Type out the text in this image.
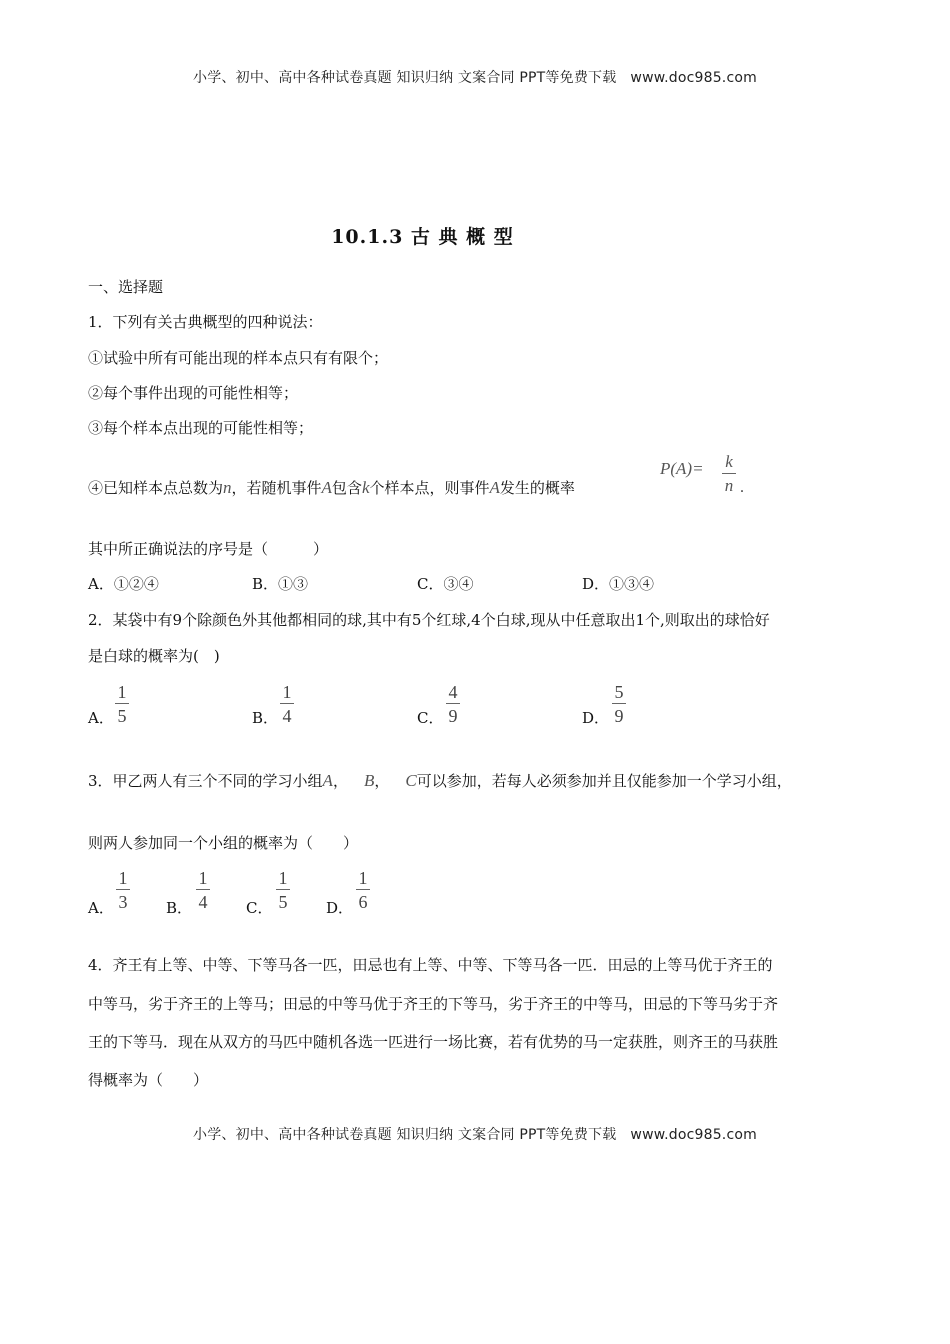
小学、初中、高中各种试卷真题 知识归纳 文案合同 PPT等免费下载 www.doc985.com
10.1.3 古 典 概 型
一、选择题
1．下列有关古典概型的四种说法：
①试验中所有可能出现的样本点只有有限个；
②每个事件出现的可能性相等；
③每个样本点出现的可能性相等；
④已知样本点总数为n，若随机事件A包含k个样本点，则事件A发生的概率
P(A)= k
n .
其中所正确说法的序号是（　　　）
A．①②④	B．①③	C．③④	D．①③④
2．某袋中有9个除颜色外其他都相同的球,其中有5个红球,4个白球,现从中任意取出1个,则取出的球恰好
是白球的概率为(　)
A．
1
5	B．
1
4	C．
4
9	D．
5
9
3．甲乙两人有三个不同的学习小组A， B， C可以参加，若每人必须参加并且仅能参加一个学习小组，
则两人参加同一个小组的概率为（　　）
A．
1
3	B．
1
4	C．
1
5	D．
1
6
4．齐王有上等、中等、下等马各一匹，田忌也有上等、中等、下等马各一匹．田忌的上等马优于齐王的
中等马，劣于齐王的上等马；田忌的中等马优于齐王的下等马，劣于齐王的中等马，田忌的下等马劣于齐
王的下等马．现在从双方的马匹中随机各选一匹进行一场比赛，若有优势的马一定获胜，则齐王的马获胜
得概率为（　　）
小学、初中、高中各种试卷真题 知识归纳 文案合同 PPT等免费下载 www.doc985.com
